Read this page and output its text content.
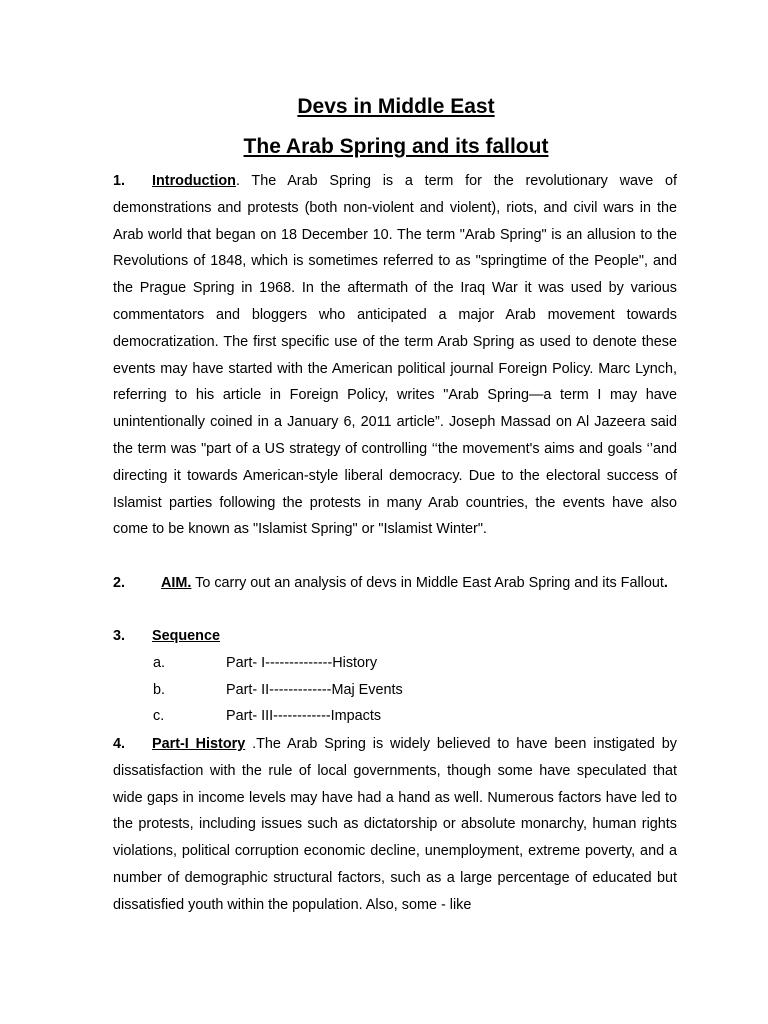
Devs in Middle East
The Arab Spring and its fallout

1. Introduction. The Arab Spring is a term for the revolutionary wave of demonstrations and protests (both non-violent and violent), riots, and civil wars in the Arab world that began on 18 December 10. The term "Arab Spring" is an allusion to the Revolutions of 1848, which is sometimes referred to as "springtime of the People", and the Prague Spring in 1968. In the aftermath of the Iraq War it was used by various commentators and bloggers who anticipated a major Arab movement towards democratization. The first specific use of the term Arab Spring as used to denote these events may have started with the American political journal Foreign Policy. Marc Lynch, referring to his article in Foreign Policy, writes "Arab Spring—a term I may have unintentionally coined in a January 6, 2011 article”. Joseph Massad on Al Jazeera said the term was "part of a US strategy of controlling ‘‘the movement's aims and goals ‘’and directing it towards American-style liberal democracy. Due to the electoral success of Islamist parties following the protests in many Arab countries, the events have also come to be known as "Islamist Spring" or "Islamist Winter".

2. AIM. To carry out an analysis of devs in Middle East Arab Spring and its Fallout.

3. Sequence

a.	Part- I--------------History
b.	Part- II-------------Maj Events
c.	Part- III------------Impacts

4. Part-I History .The Arab Spring is widely believed to have been instigated by dissatisfaction with the rule of local governments, though some have speculated that wide gaps in income levels may have had a hand as well. Numerous factors have led to the protests, including issues such as dictatorship or absolute monarchy, human rights violations, political corruption economic decline, unemployment, extreme poverty, and a number of demographic structural factors, such as a large percentage of educated but dissatisfied youth within the population. Also, some - like
